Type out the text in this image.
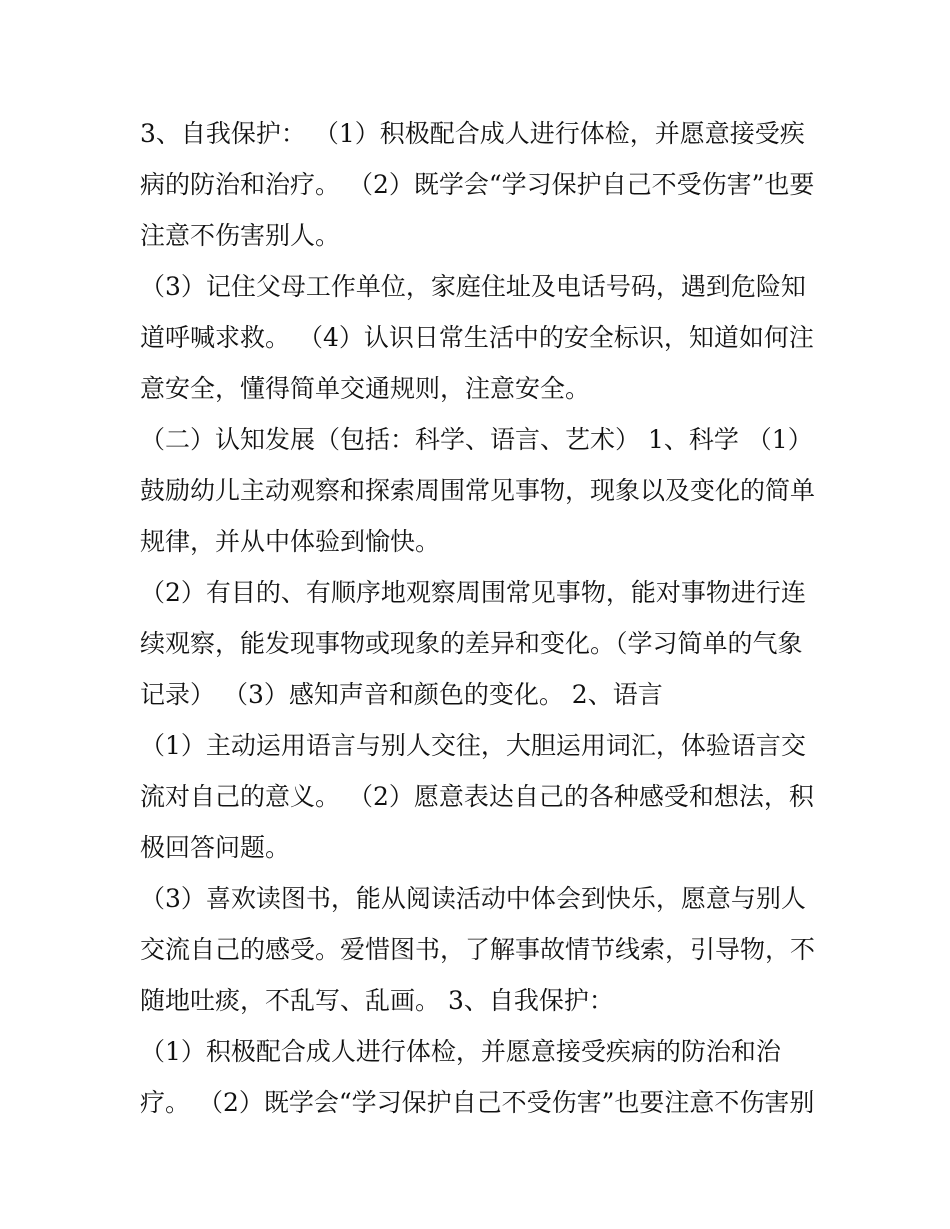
3、自我保护： （1）积极配合成人进行体检，并愿意接受疾
病的防治和治疗。 （2）既学会“学习保护自己不受伤害”也要
注意不伤害别人。
（3）记住父母工作单位，家庭住址及电话号码，遇到危险知
道呼喊求救。 （4）认识日常生活中的安全标识，知道如何注
意安全，懂得简单交通规则，注意安全。
（二）认知发展（包括：科学、语言、艺术） 1、科学 （1）
鼓励幼儿主动观察和探索周围常见事物，现象以及变化的简单
规律，并从中体验到愉快。
（2）有目的、有顺序地观察周围常见事物，能对事物进行连
续观察，能发现事物或现象的差异和变化。（学习简单的气象
记录） （3）感知声音和颜色的变化。 2、语言
（1）主动运用语言与别人交往，大胆运用词汇，体验语言交
流对自己的意义。 （2）愿意表达自己的各种感受和想法，积
极回答问题。
（3）喜欢读图书，能从阅读活动中体会到快乐，愿意与别人
交流自己的感受。爱惜图书，了解事故情节线索，引导物，不
随地吐痰，不乱写、乱画。 3、自我保护：
（1）积极配合成人进行体检，并愿意接受疾病的防治和治
疗。 （2）既学会“学习保护自己不受伤害”也要注意不伤害别
